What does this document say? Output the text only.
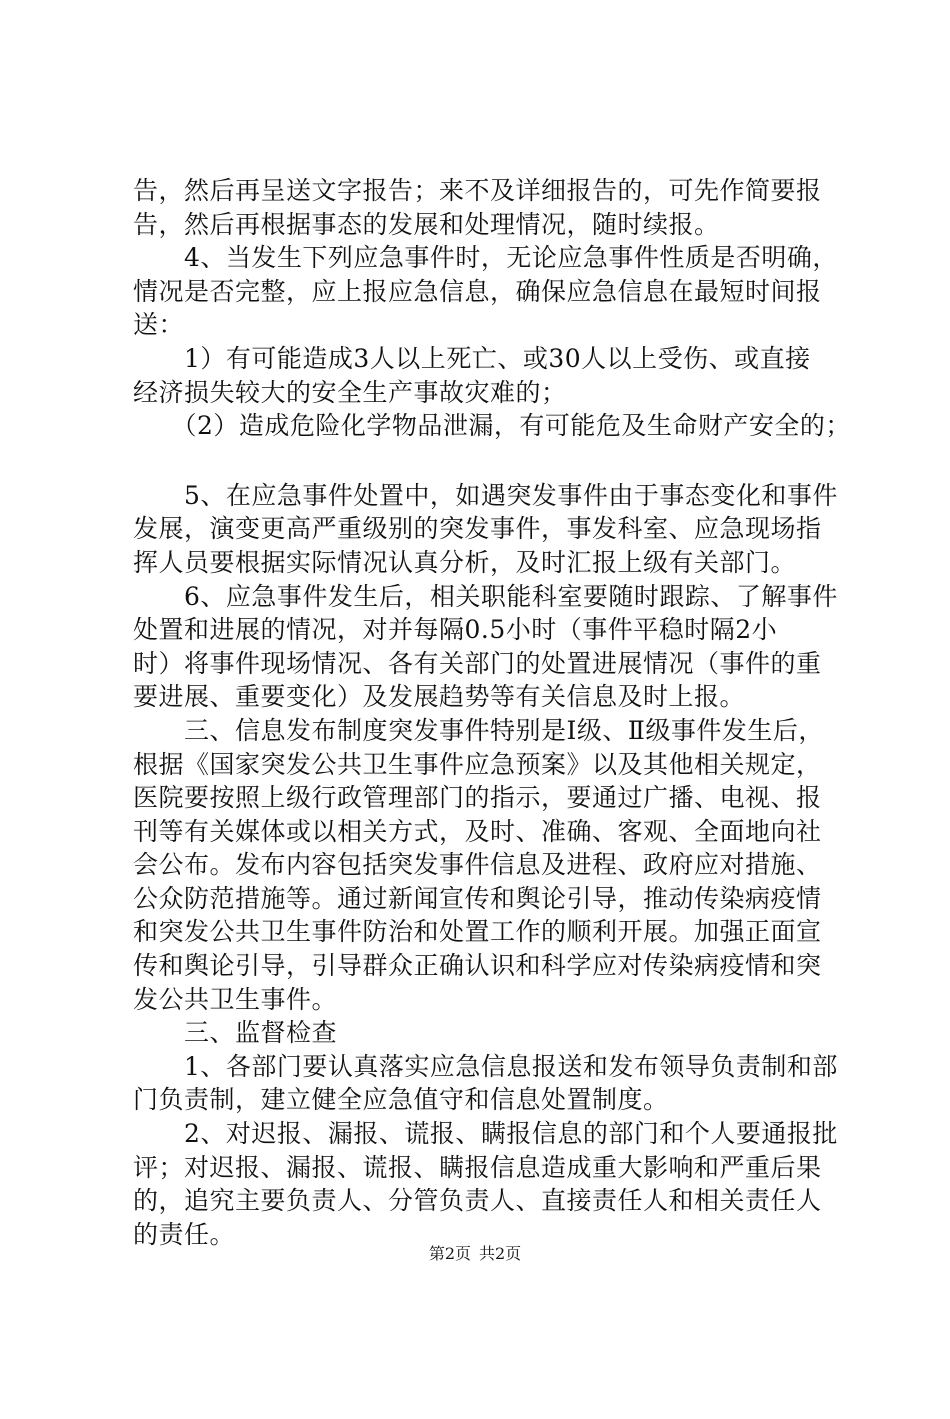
告，然后再呈送文字报告；来不及详细报告的，可先作简要报
告，然后再根据事态的发展和处理情况，随时续报。
　　4、当发生下列应急事件时，无论应急事件性质是否明确，
情况是否完整，应上报应急信息，确保应急信息在最短时间报
送：
　　1）有可能造成3人以上死亡、或30人以上受伤、或直接
经济损失较大的安全生产事故灾难的；
　　（2）造成危险化学物品泄漏，有可能危及生命财产安全的；
　　5、在应急事件处置中，如遇突发事件由于事态变化和事件
发展，演变更高严重级别的突发事件，事发科室、应急现场指
挥人员要根据实际情况认真分析，及时汇报上级有关部门。
　　6、应急事件发生后，相关职能科室要随时跟踪、了解事件
处置和进展的情况，对并每隔0.5小时（事件平稳时隔2小
时）将事件现场情况、各有关部门的处置进展情况（事件的重
要进展、重要变化）及发展趋势等有关信息及时上报。
　　三、信息发布制度突发事件特别是Ⅰ级、Ⅱ级事件发生后，
根据《国家突发公共卫生事件应急预案》以及其他相关规定，
医院要按照上级行政管理部门的指示，要通过广播、电视、报
刊等有关媒体或以相关方式，及时、准确、客观、全面地向社
会公布。发布内容包括突发事件信息及进程、政府应对措施、
公众防范措施等。通过新闻宣传和舆论引导，推动传染病疫情
和突发公共卫生事件防治和处置工作的顺利开展。加强正面宣
传和舆论引导，引导群众正确认识和科学应对传染病疫情和突
发公共卫生事件。
　　三、监督检查
　　1、各部门要认真落实应急信息报送和发布领导负责制和部
门负责制，建立健全应急值守和信息处置制度。
　　2、对迟报、漏报、谎报、瞒报信息的部门和个人要通报批
评；对迟报、漏报、谎报、瞒报信息造成重大影响和严重后果
的，追究主要负责人、分管负责人、直接责任人和相关责任人
的责任。
第2页 共2页
